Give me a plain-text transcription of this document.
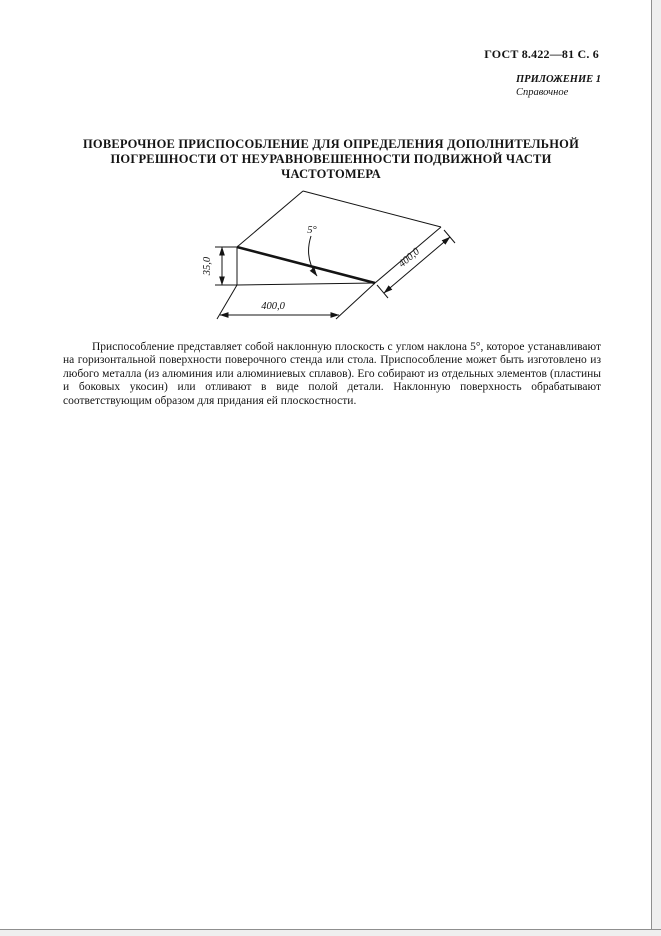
ГОСТ 8.422—81 С. 6
ПРИЛОЖЕНИЕ 1
Справочное
ПОВЕРОЧНОЕ ПРИСПОСОБЛЕНИЕ ДЛЯ ОПРЕДЕЛЕНИЯ ДОПОЛНИТЕЛЬНОЙ
ПОГРЕШНОСТИ ОТ НЕУРАВНОВЕШЕННОСТИ ПОДВИЖНОЙ ЧАСТИ ЧАСТОТОМЕРА
35,0
400,0
400,0
5°

Приспособление представляет собой наклонную плоскость с углом наклона 5°, которое устанавливают на горизонтальной поверхности поверочного стенда или стола. Приспособление может быть изготовлено из любого металла (из алюминия или алюминиевых сплавов). Его собирают из отдельных элементов (пластины и боковых укосин) или отливают в виде полой детали. Наклонную поверхность обрабатывают соответствующим образом для придания ей плоскостности.
